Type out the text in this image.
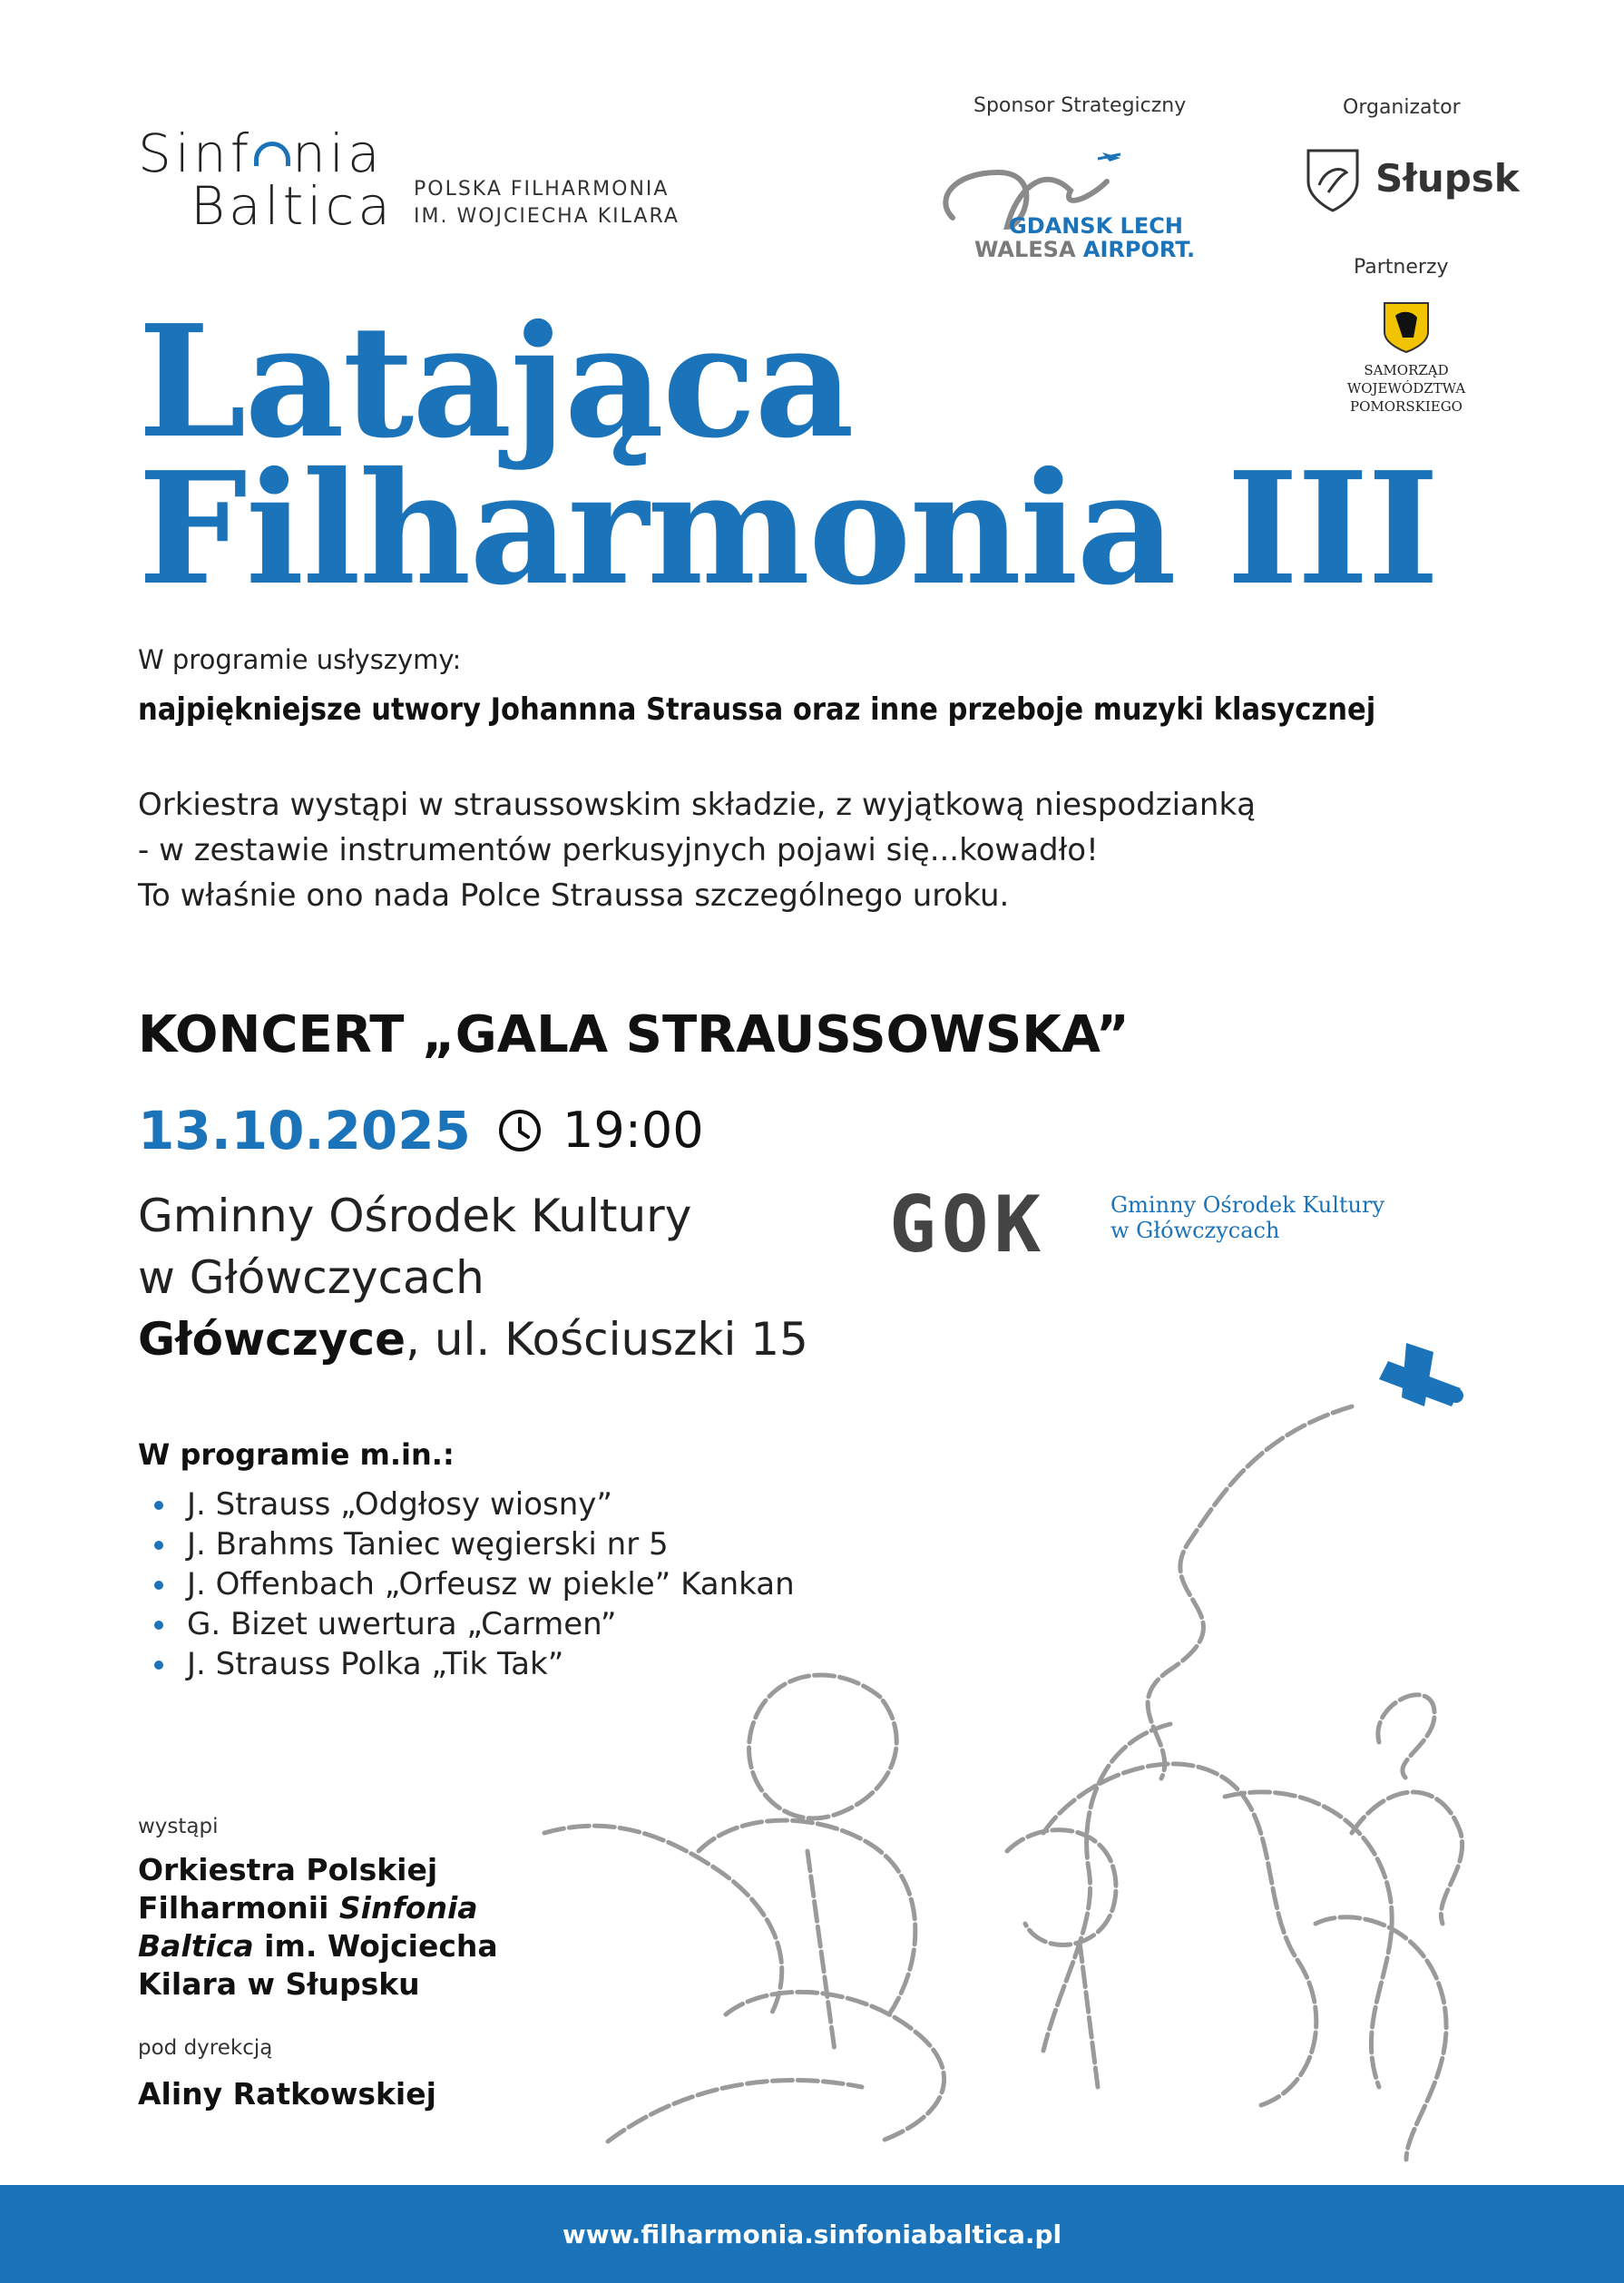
Sinf nia
Baltica POLSKA FILHARMONIA
IM. WOJCIECHA KILARA
Sponsor Strategiczny
GDANSK LECH
WALESA AIRPORT.
Organizator
Słupsk
Partnerzy
SAMORZĄD
WOJEWÓDZTWA POMORSKIEGO
Latająca
Filharmonia III
W programie usłyszymy:
najpiękniejsze utwory Johannna Straussa oraz inne przeboje muzyki klasycznej
Orkiestra wystąpi w straussowskim składzie, z wyjątkową niespodzianką
- w zestawie instrumentów perkusyjnych pojawi się...kowadło!
To właśnie ono nada Polce Straussa szczególnego uroku.
KONCERT „GALA STRAUSSOWSKA”
13.10.2025 19:00
Gminny Ośrodek Kultury
w Główczycach
Główczyce, ul. Kościuszki 15
GOK	Gminny Ośrodek Kultury
w Główczycach
W programie m.in.:
J. Strauss „Odgłosy wiosny”
J. Brahms Taniec węgierski nr 5
J. Offenbach „Orfeusz w piekle” Kankan
G. Bizet uwertura „Carmen”
J. Strauss Polka „Tik Tak”
wystąpi
Orkiestra Polskiej
Filharmonii Sinfonia
Baltica im. Wojciecha
Kilara w Słupsku
pod dyrekcją
Aliny Ratkowskiej
www.filharmonia.sinfoniabaltica.pl
